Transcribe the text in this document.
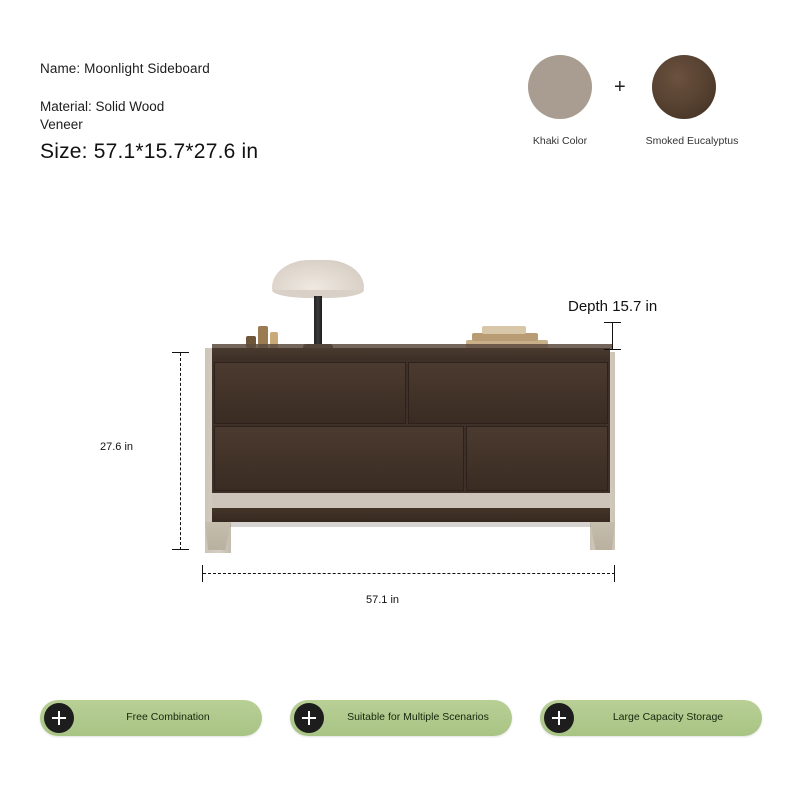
Name: Moonlight Sideboard
Material: Solid Wood Veneer
Size: 57.1*15.7*27.6 in
+
Khaki Color	Smoked Eucalyptus
27.6 in
57.1 in
Depth 15.7 in
Free Combination	Suitable for Multiple Scenarios	Large Capacity Storage
